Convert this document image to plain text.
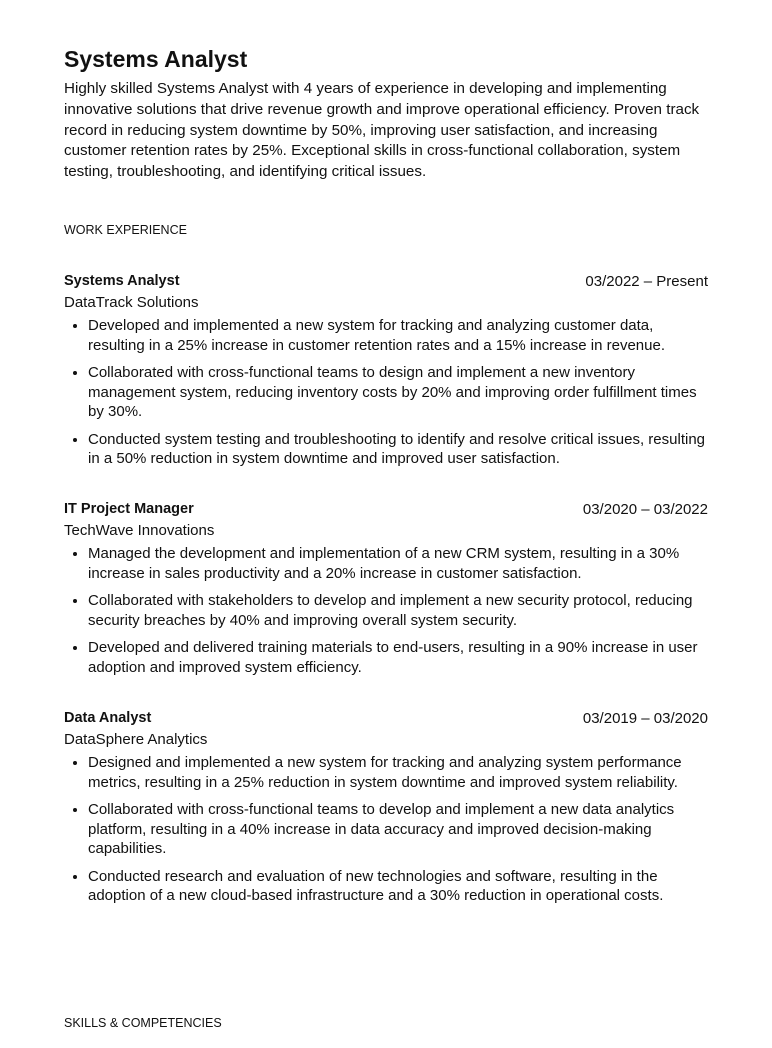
Systems Analyst
Highly skilled Systems Analyst with 4 years of experience in developing and implementing innovative solutions that drive revenue growth and improve operational efficiency. Proven track record in reducing system downtime by 50%, improving user satisfaction, and increasing customer retention rates by 25%. Exceptional skills in cross-functional collaboration, system testing, troubleshooting, and identifying critical issues.
WORK EXPERIENCE
Systems Analyst	03/2022 – Present
DataTrack Solutions
• Developed and implemented a new system for tracking and analyzing customer data, resulting in a 25% increase in customer retention rates and a 15% increase in revenue.
• Collaborated with cross-functional teams to design and implement a new inventory management system, reducing inventory costs by 20% and improving order fulfillment times by 30%.
• Conducted system testing and troubleshooting to identify and resolve critical issues, resulting in a 50% reduction in system downtime and improved user satisfaction.
IT Project Manager	03/2020 – 03/2022
TechWave Innovations
• Managed the development and implementation of a new CRM system, resulting in a 30% increase in sales productivity and a 20% increase in customer satisfaction.
• Collaborated with stakeholders to develop and implement a new security protocol, reducing security breaches by 40% and improving overall system security.
• Developed and delivered training materials to end-users, resulting in a 90% increase in user adoption and improved system efficiency.
Data Analyst	03/2019 – 03/2020
DataSphere Analytics
• Designed and implemented a new system for tracking and analyzing system performance metrics, resulting in a 25% reduction in system downtime and improved system reliability.
• Collaborated with cross-functional teams to develop and implement a new data analytics platform, resulting in a 40% increase in data accuracy and improved decision-making capabilities.
• Conducted research and evaluation of new technologies and software, resulting in the adoption of a new cloud-based infrastructure and a 30% reduction in operational costs.
SKILLS & COMPETENCIES
